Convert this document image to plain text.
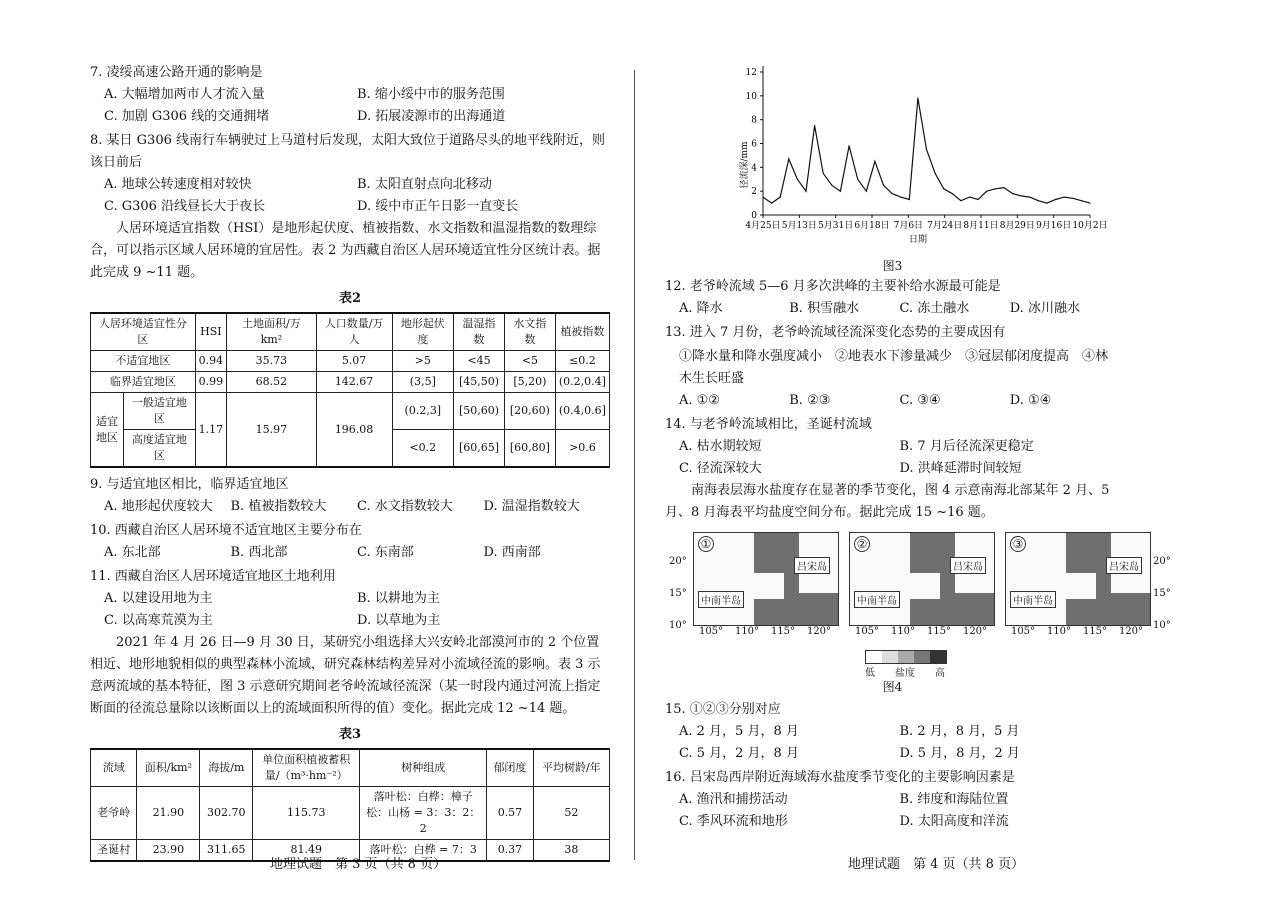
7. 凌绥高速公路开通的影响是
A. 大幅增加两市人才流入量	B. 缩小绥中市的服务范围
C. 加剧 G306 线的交通拥堵	D. 拓展凌源市的出海通道
8. 某日 G306 线南行车辆驶过上马道村后发现，太阳大致位于道路尽头的地平线附近，则该日前后
A. 地球公转速度相对较快	B. 太阳直射点向北移动
C. G306 沿线昼长大于夜长	D. 绥中市正午日影一直变长

人居环境适宜指数（HSI）是地形起伏度、植被指数、水文指数和温湿指数的数理综合，可以指示区域人居环境的宜居性。表 2 为西藏自治区人居环境适宜性分区统计表。据此完成 9 ~11 题。

表2
人居环境适宜性分区		HSI	土地面积/万 km²	人口数量/万人	地形起伏度	温湿指数	水文指数	植被指数
不适宜地区		0.94	35.73	5.07	>5	<45	<5	≤0.2
临界适宜地区		0.99	68.52	142.67	(3,5]	[45,50)	[5,20)	(0.2,0.4]
适宜地区	一般适宜地区	1.17	15.97	196.08	(0.2,3]	[50,60)	[20,60)	(0.4,0.6]
	高度适宜地区				<0.2	[60,65]	[60,80]	>0.6
9. 与适宜地区相比，临界适宜地区
A. 地形起伏度较大	B. 植被指数较大	C. 水文指数较大	D. 温湿指数较大
10. 西藏自治区人居环境不适宜地区主要分布在
A. 东北部	B. 西北部	C. 东南部	D. 西南部
11. 西藏自治区人居环境适宜地区土地利用
A. 以建设用地为主	B. 以耕地为主
C. 以高寒荒漠为主	D. 以草地为主

2021 年 4 月 26 日—9 月 30 日，某研究小组选择大兴安岭北部漠河市的 2 个位置相近、地形地貌相似的典型森林小流域，研究森林结构差异对小流域径流的影响。表 3 示意两流域的基本特征，图 3 示意研究期间老爷岭流域径流深（某一时段内通过河流上指定断面的径流总量除以该断面以上的流域面积所得的值）变化。据此完成 12 ~14 题。

表3
流域	面积/km²	海拔/m	单位面积植被蓄积量/（m³·hm⁻²）	树种组成	郁闭度	平均树龄/年
老爷岭	21.90	302.70	115.73	落叶松：白桦：樟子松：山杨 = 3：3：2：2	0.57	52
圣诞村	23.90	311.65	81.49	落叶松：白桦 = 7：3	0.37	38
地理试题　第 3 页（共 8 页）
0
2
4
6
8
10
12
4月25日 5月13日 5月31日 6月18日 7月6日 7月24日 8月11日 8月29日 9月16日 10月2日
径流深/mm
日期
图3
12. 老爷岭流域 5—6 月多次洪峰的主要补给水源最可能是
A. 降水	B. 积雪融水	C. 冻土融水	D. 冰川融水
13. 进入 7 月份，老爷岭流域径流深变化态势的主要成因有
①降水量和降水强度减小　②地表水下渗量减少　③冠层郁闭度提高　④林木生长旺盛
A. ①②	B. ②③	C. ③④	D. ①④
14. 与老爷岭流域相比，圣诞村流域
A. 枯水期较短	B. 7 月后径流深更稳定
C. 径流深较大	D. 洪峰延滞时间较短

南海表层海水盐度存在显著的季节变化，图 4 示意南海北部某年 2 月、5 月、8 月海表平均盐度空间分布。据此完成 15 ~16 题。

20°
15°
10°
①
吕宋岛
中南半岛
105° 110° 115° 120°
②
吕宋岛
中南半岛
105° 110° 115° 120°
③
吕宋岛
中南半岛
105° 110° 115° 120°
20°
15°
10°
低 盐度 高
图4
15. ①②③分别对应
A. 2 月，5 月，8 月	B. 2 月，8 月，5 月
C. 5 月，2 月，8 月	D. 5 月，8 月，2 月
16. 吕宋岛西岸附近海域海水盐度季节变化的主要影响因素是
A. 渔汛和捕捞活动	B. 纬度和海陆位置
C. 季风环流和地形	D. 太阳高度和洋流
地理试题　第 4 页（共 8 页）
